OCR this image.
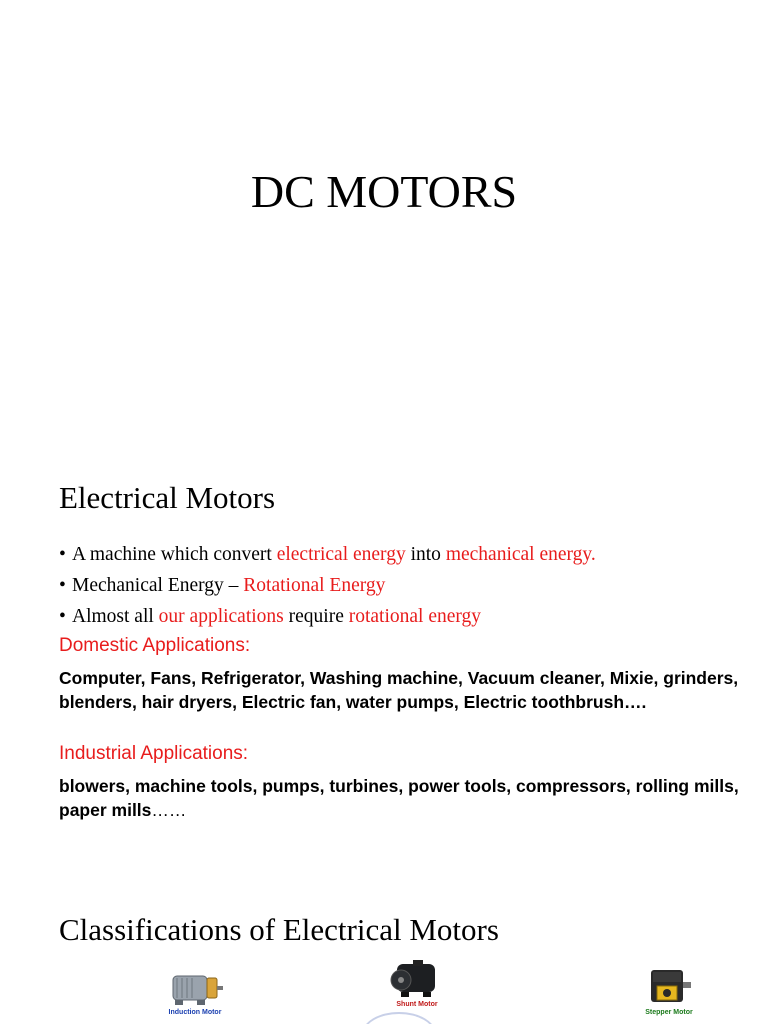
DC MOTORS
Electrical Motors
• A machine which convert electrical energy into mechanical energy.
• Mechanical Energy – Rotational Energy
• Almost all our applications require rotational energy
Domestic Applications:
Computer, Fans, Refrigerator, Washing machine, Vacuum cleaner, Mixie, grinders, blenders, hair dryers, Electric fan, water pumps, Electric toothbrush….
Industrial Applications:
blowers, machine tools, pumps, turbines, power tools, compressors, rolling mills, paper mills……
Classifications of Electrical Motors
Induction Motor
Shunt Motor
Stepper Motor
